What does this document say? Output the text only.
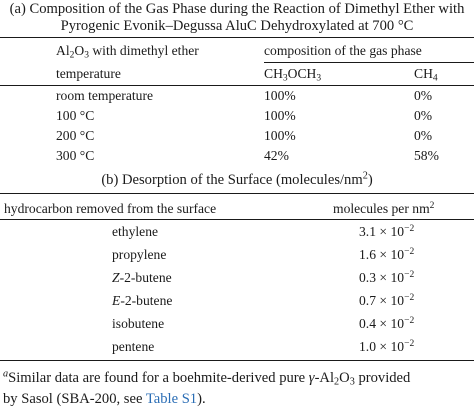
(a) Composition of the Gas Phase during the Reaction of Dimethyl Ether with
Pyrogenic Evonik–Degussa AluC Dehydroxylated at 700 °C
$Al_2O_3$ with dimethyl ether	composition of the gas phase
temperature	$CH_3OCH_3$	$CH_4$
room temperature	100%	0%
100 °C	100%	0%
200 °C	100%	0%
300 °C	42%	58%
(b) Desorption of the Surface $(molecules/nm^2)$
hydrocarbon removed from the surface	molecules per $nm^2$
ethylene	$3.1 \times 10^{-2}$
propylene	$1.6 \times 10^{-2}$
Z-2-butene	$0.3 \times 10^{-2}$
E-2-butene	$0.7 \times 10^{-2}$
isobutene	$0.4 \times 10^{-2}$
pentene	$1.0 \times 10^{-2}$
$^a$Similar data are found for a boehmite-derived pure $\gamma-Al_2O_3$ provided
by Sasol (SBA-200, see Table S1).
